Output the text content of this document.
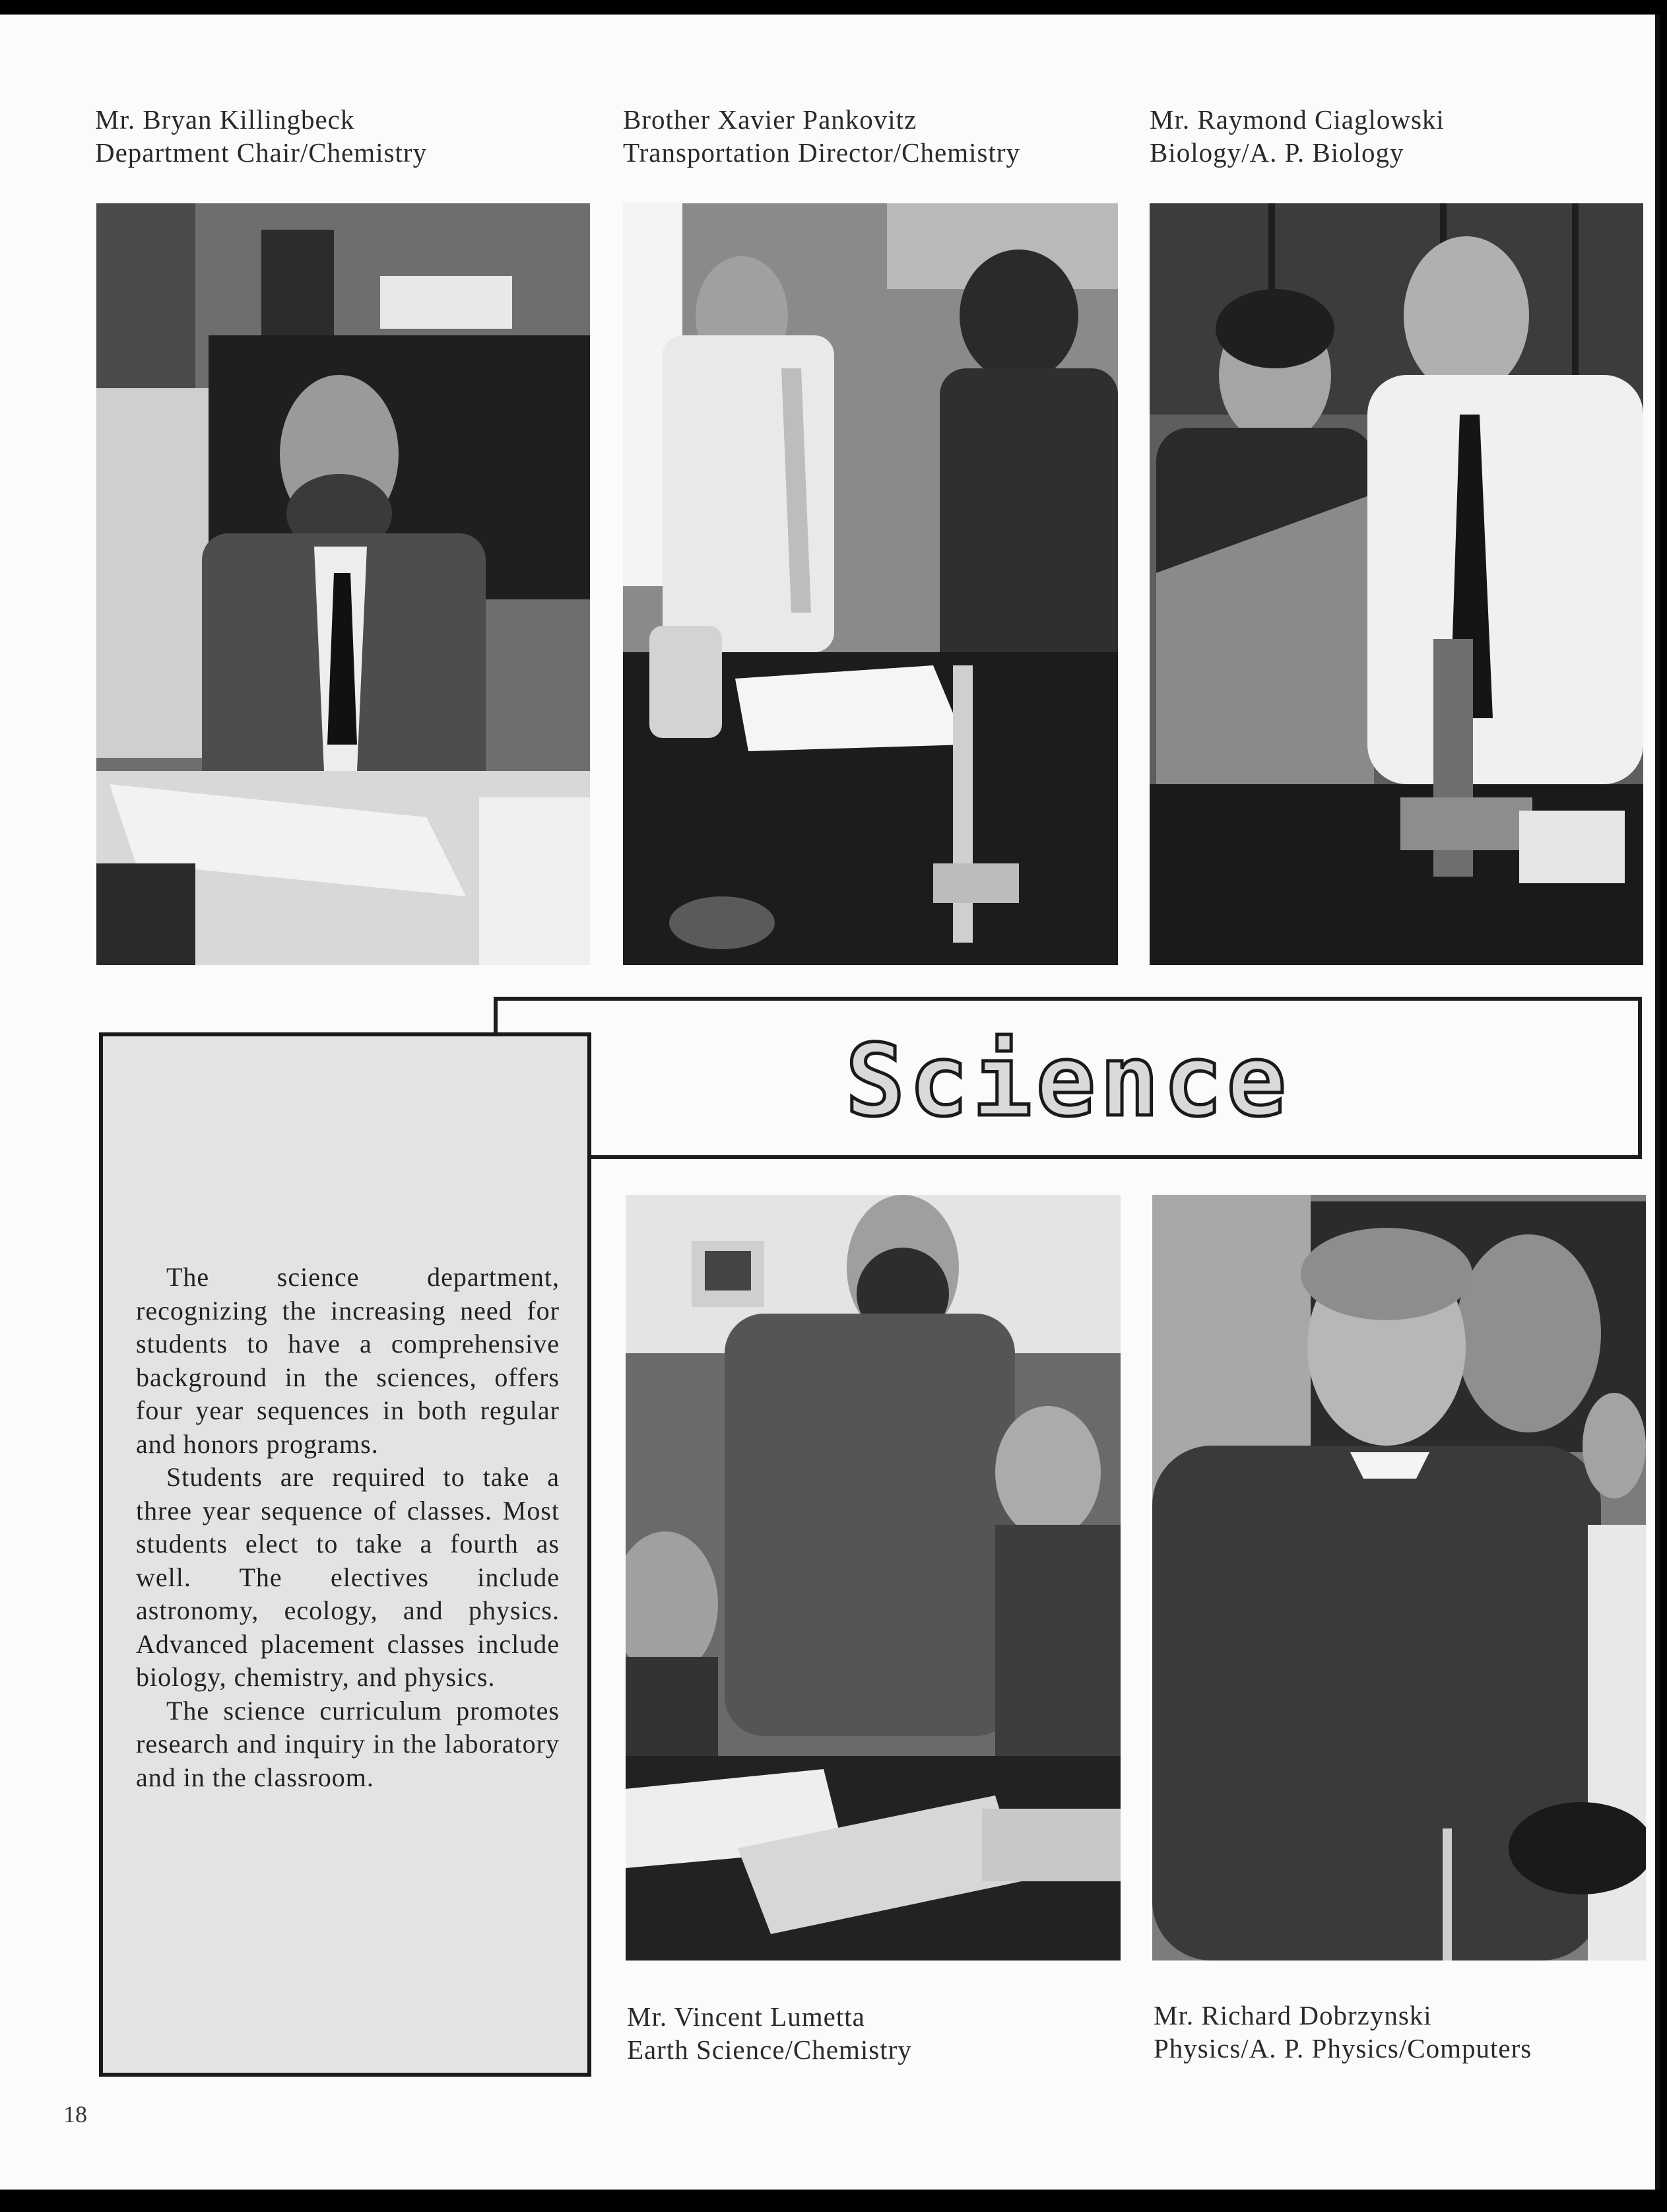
Mr. Bryan Killingbeck
Department Chair/Chemistry
Brother Xavier Pankovitz
Transportation Director/Chemistry
Mr. Raymond Ciaglowski
Biology/A. P. Biology
Science

The science department, recognizing the increasing need for students to have a comprehensive background in the sciences, offers four year sequences in both regular and honors programs.

Students are required to take a three year sequence of classes. Most students elect to take a fourth as well. The electives include astronomy, ecology, and physics. Advanced placement classes include biology, chemistry, and physics.

The science curriculum promotes research and inquiry in the laboratory and in the classroom.

Mr. Vincent Lumetta
Earth Science/Chemistry
Mr. Richard Dobrzynski
Physics/A. P. Physics/Computers
18
